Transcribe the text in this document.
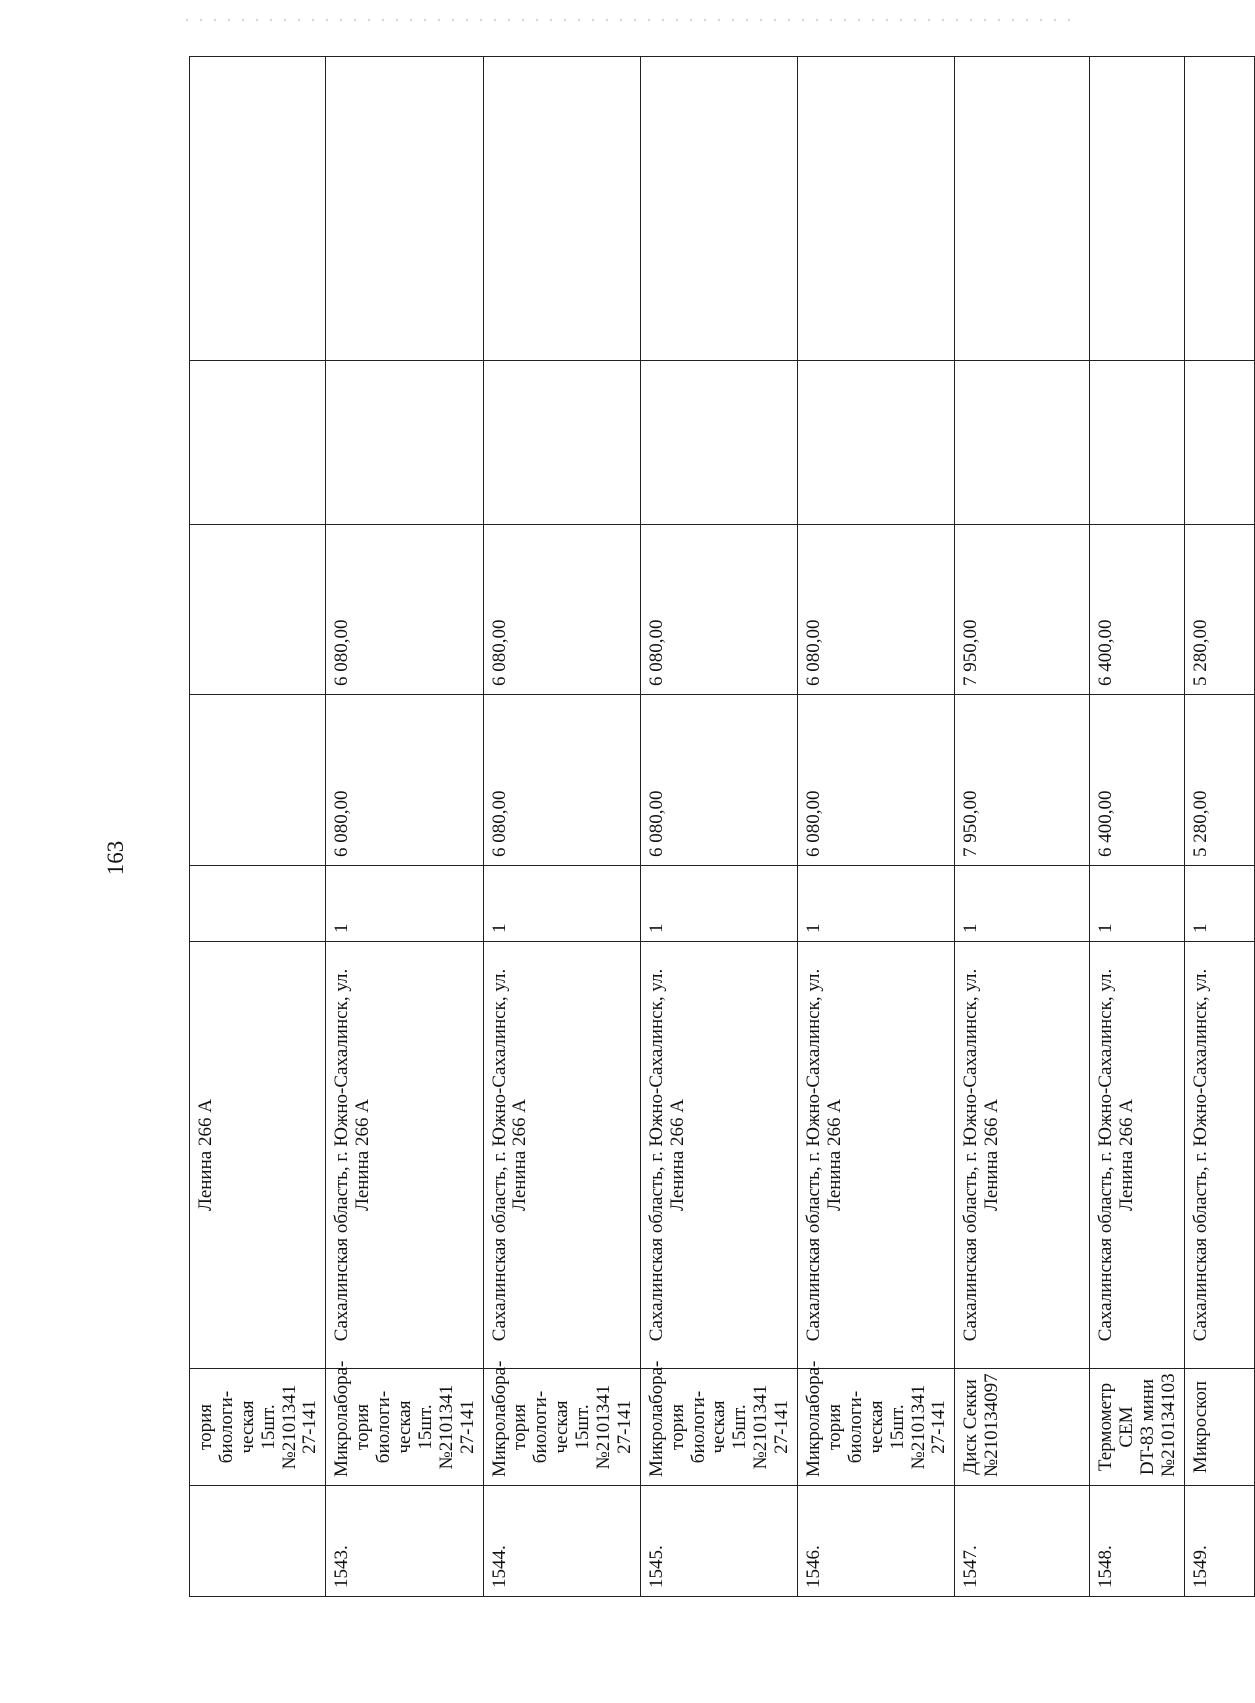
163
	тория биологи-
ческая
15шт.№2101341
27-141	Ленина 266 А					
1543.	Микролабора-
тория биологи-
ческая
15шт.№2101341
27-141	Сахалинская область, г. Южно-Сахалинск, ул.
Ленина 266 А	1	6 080,00	6 080,00		
1544.	Микролабора-
тория биологи-
ческая
15шт.№2101341
27-141	Сахалинская область, г. Южно-Сахалинск, ул.
Ленина 266 А	1	6 080,00	6 080,00		
1545.	Микролабора-
тория биологи-
ческая
15шт.№2101341
27-141	Сахалинская область, г. Южно-Сахалинск, ул.
Ленина 266 А	1	6 080,00	6 080,00		
1546.	Микролабора-
тория биологи-
ческая
15шт.№2101341
27-141	Сахалинская область, г. Южно-Сахалинск, ул.
Ленина 266 А	1	6 080,00	6 080,00		
1547.	Диск Секки
№210134097	Сахалинская область, г. Южно-Сахалинск, ул.
Ленина 266 А	1	7 950,00	7 950,00		
1548.	Термометр CEM
DT-83 мини
№210134103	Сахалинская область, г. Южно-Сахалинск, ул.
Ленина 266 А	1	6 400,00	6 400,00		
1549.	Микроскоп	Сахалинская область, г. Южно-Сахалинск, ул.	1	5 280,00	5 280,00		
